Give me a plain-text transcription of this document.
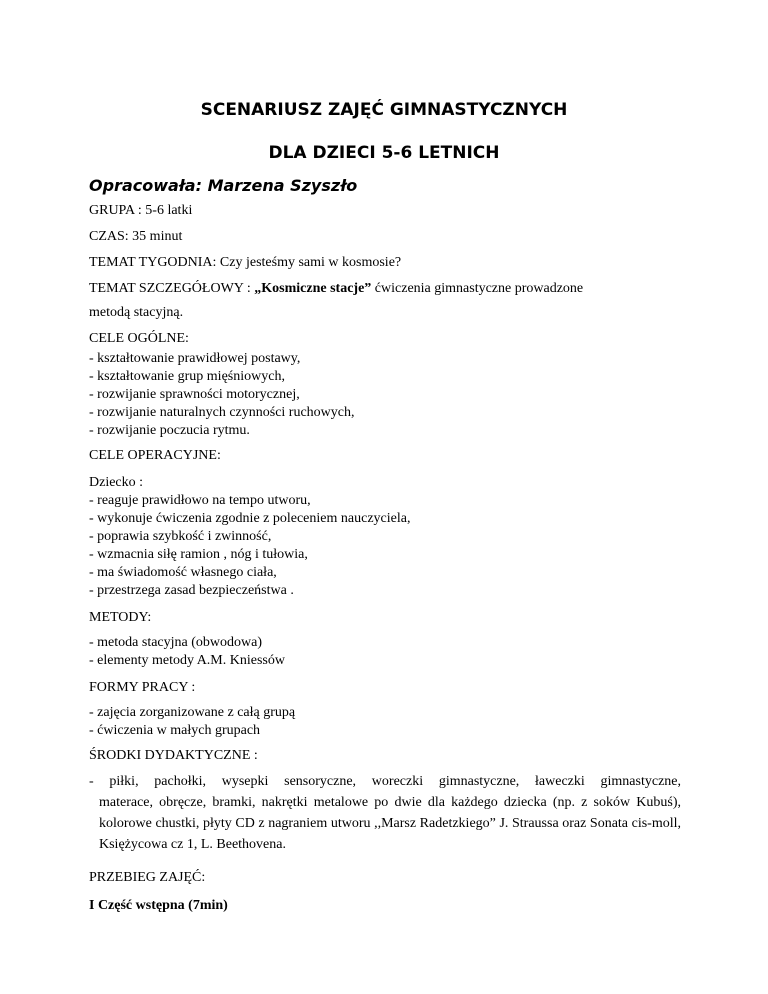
SCENARIUSZ ZAJĘĆ GIMNASTYCZNYCH
DLA DZIECI 5-6 LETNICH
Opracowała: Marzena Szyszło
GRUPA : 5-6 latki
CZAS: 35 minut
TEMAT TYGODNIA: Czy jesteśmy sami w kosmosie?
TEMAT SZCZEGÓŁOWY : „Kosmiczne stacje” ćwiczenia gimnastyczne prowadzone
metodą stacyjną.
CELE OGÓLNE:
- kształtowanie prawidłowej postawy,
- kształtowanie grup mięśniowych,
- rozwijanie sprawności motorycznej,
- rozwijanie naturalnych czynności ruchowych,
- rozwijanie poczucia rytmu.
CELE OPERACYJNE:
Dziecko :
- reaguje prawidłowo na tempo utworu,
- wykonuje ćwiczenia zgodnie z poleceniem nauczyciela,
- poprawia szybkość i zwinność,
- wzmacnia siłę ramion , nóg i tułowia,
- ma świadomość własnego ciała,
- przestrzega zasad bezpieczeństwa .
METODY:
- metoda stacyjna (obwodowa)
- elementy metody A.M. Kniessów
FORMY PRACY :
- zajęcia zorganizowane z całą grupą
- ćwiczenia w małych grupach
ŚRODKI DYDAKTYCZNE :
- piłki, pachołki, wysepki sensoryczne, woreczki gimnastyczne, ławeczki gimnastyczne,
materace, obręcze, bramki, nakrętki metalowe po dwie dla każdego dziecka (np. z soków Kubuś), kolorowe chustki, płyty CD z nagraniem utworu ,,Marsz Radetzkiego” J. Straussa oraz Sonata cis-moll, Księżycowa cz 1, L. Beethovena.
PRZEBIEG ZAJĘĆ:
I Część wstępna (7min)
